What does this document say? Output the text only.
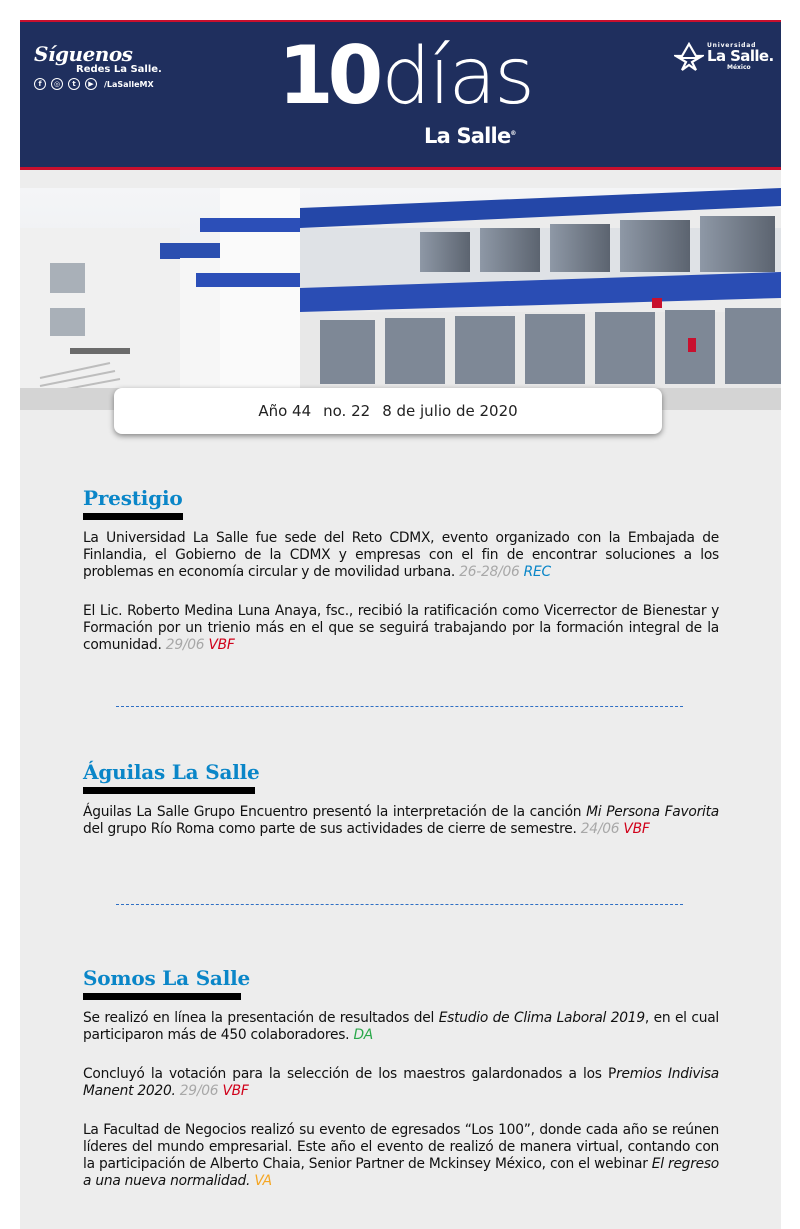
Síguenos
Redes La Salle.
f	◎	t	▶	/LaSalleMX 10días
La Salle®
Universidad
La Salle.
México
Año 44 no. 22 8 de julio de 2020
Prestigio

La Universidad La Salle fue sede del Reto CDMX, evento organizado con la Embajada de Finlandia, el Gobierno de la CDMX y empresas con el fin de encontrar soluciones a los problemas en economía circular y de movilidad urbana. 26-28/06 REC

El Lic. Roberto Medina Luna Anaya, fsc., recibió la ratificación como Vicerrector de Bienestar y Formación por un trienio más en el que se seguirá trabajando por la formación integral de la comunidad. 29/06 VBF

Águilas La Salle

Águilas La Salle Grupo Encuentro presentó la interpretación de la canción Mi Persona Favorita del grupo Río Roma como parte de sus actividades de cierre de semestre. 24/06 VBF

Somos La Salle

Se realizó en línea la presentación de resultados del Estudio de Clima Laboral 2019, en el cual participaron más de 450 colaboradores. DA

Concluyó la votación para la selección de los maestros galardonados a los Premios Indivisa Manent 2020. 29/06 VBF

La Facultad de Negocios realizó su evento de egresados “Los 100”, donde cada año se reúnen líderes del mundo empresarial. Este año el evento de realizó de manera virtual, contando con la participación de Alberto Chaia, Senior Partner de Mckinsey México, con el webinar El regreso a una nueva normalidad. VA
